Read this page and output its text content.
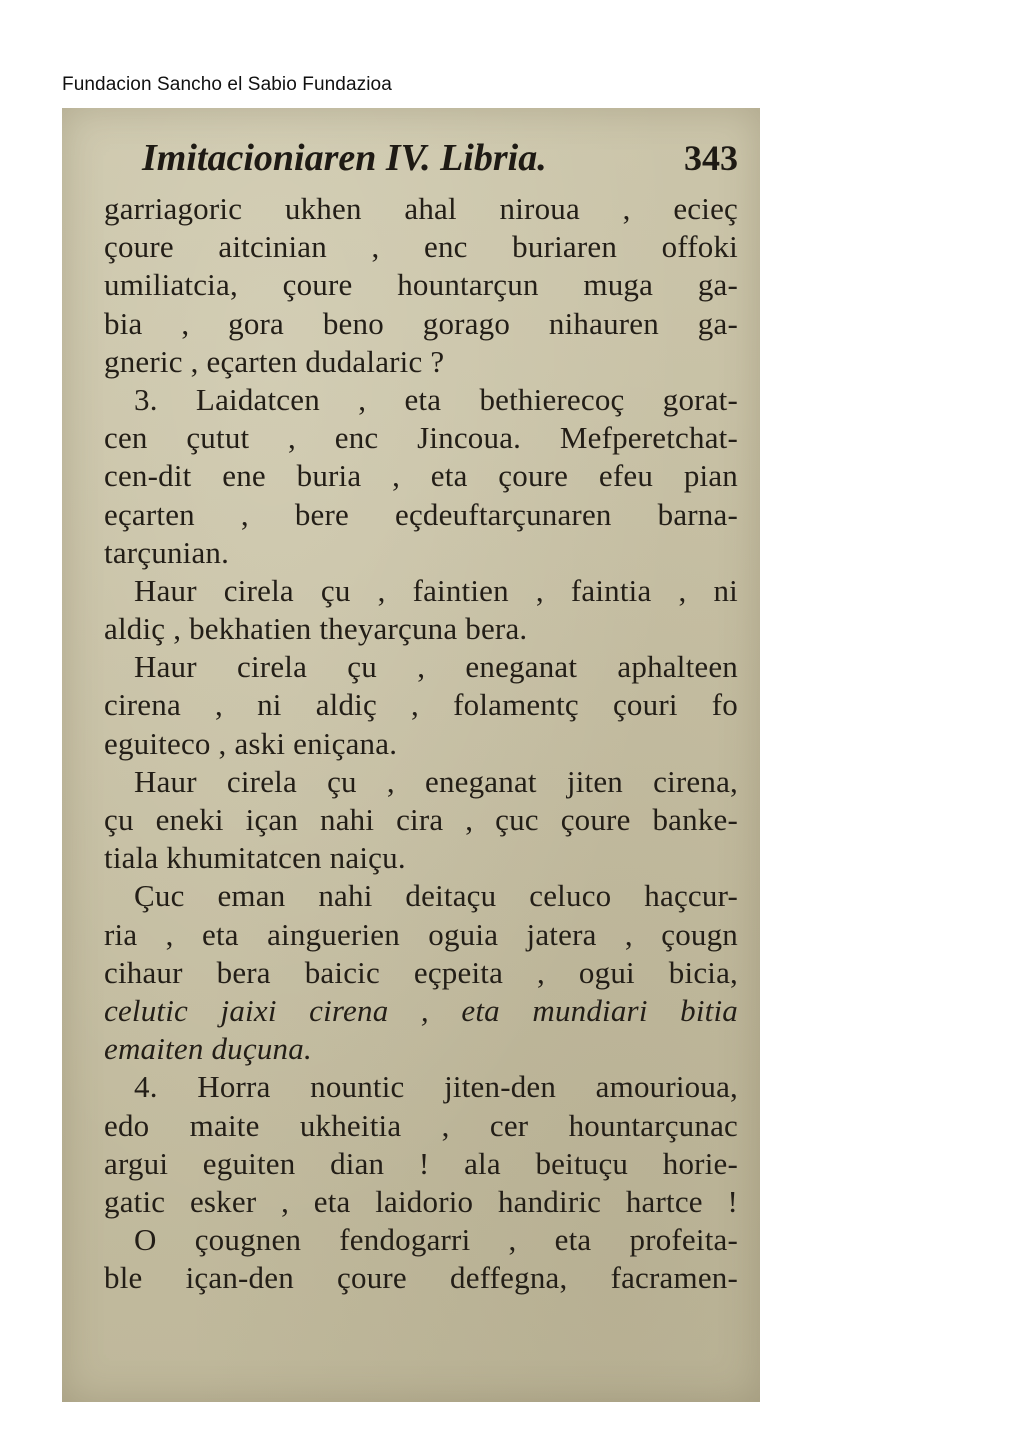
Fundacion Sancho el Sabio Fundazioa
Imitacioniaren IV. Libria.	343
garriagoric ukhen ahal niroua , ecieç
çoure aitcinian , enc buriaren offoki
umiliatcia, çoure hountarçun muga ga-
bia , gora beno gorago nihauren ga-
gneric , eçarten dudalaric ?
3. Laidatcen , eta bethierecoç gorat-
cen çutut , enc Jincoua. Mefperetchat-
cen-dit ene buria , eta çoure efeu pian
eçarten , bere eçdeuftarçunaren barna-
tarçunian.
Haur cirela çu , faintien , faintia , ni
aldiç , bekhatien theyarçuna bera.
Haur cirela çu , eneganat aphalteen
cirena , ni aldiç , folamentç çouri fo
eguiteco , aski eniçana.
Haur cirela çu , eneganat jiten cirena,
çu eneki içan nahi cira , çuc çoure banke-
tiala khumitatcen naiçu.
Çuc eman nahi deitaçu celuco haçcur-
ria , eta ainguerien oguia jatera , çougn
cihaur bera baicic eçpeita , ogui bicia,
celutic jaixi cirena , eta mundiari bitia
emaiten duçuna.
4. Horra nountic jiten-den amourioua,
edo maite ukheitia , cer hountarçunac
argui eguiten dian ! ala beituçu horie-
gatic esker , eta laidorio handiric hartce !
O çougnen fendogarri , eta profeita-
ble içan-den çoure deffegna, facramen-
